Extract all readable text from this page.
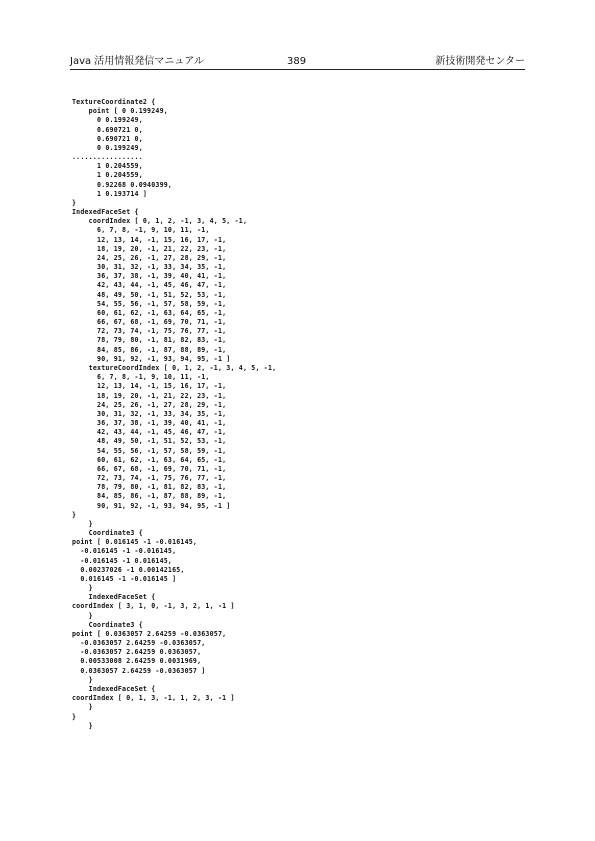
Java 活用情報発信マニュアル	389	新技術開発センター
TextureCoordinate2 {
point [ 0 0.199249,
0 0.199249,
0.690721 0,
0.690721 0,
0 0.199249,
.................
1 0.204559,
1 0.204559,
0.92268 0.0940399,
1 0.193714 ]
}
IndexedFaceSet {
coordIndex [ 0, 1, 2, -1, 3, 4, 5, -1,
6, 7, 8, -1, 9, 10, 11, -1,
12, 13, 14, -1, 15, 16, 17, -1,
18, 19, 20, -1, 21, 22, 23, -1,
24, 25, 26, -1, 27, 28, 29, -1,
30, 31, 32, -1, 33, 34, 35, -1,
36, 37, 38, -1, 39, 40, 41, -1,
42, 43, 44, -1, 45, 46, 47, -1,
48, 49, 50, -1, 51, 52, 53, -1,
54, 55, 56, -1, 57, 58, 59, -1,
60, 61, 62, -1, 63, 64, 65, -1,
66, 67, 68, -1, 69, 70, 71, -1,
72, 73, 74, -1, 75, 76, 77, -1,
78, 79, 80, -1, 81, 82, 83, -1,
84, 85, 86, -1, 87, 88, 89, -1,
90, 91, 92, -1, 93, 94, 95, -1 ]
textureCoordIndex [ 0, 1, 2, -1, 3, 4, 5, -1,
6, 7, 8, -1, 9, 10, 11, -1,
12, 13, 14, -1, 15, 16, 17, -1,
18, 19, 20, -1, 21, 22, 23, -1,
24, 25, 26, -1, 27, 28, 29, -1,
30, 31, 32, -1, 33, 34, 35, -1,
36, 37, 38, -1, 39, 40, 41, -1,
42, 43, 44, -1, 45, 46, 47, -1,
48, 49, 50, -1, 51, 52, 53, -1,
54, 55, 56, -1, 57, 58, 59, -1,
60, 61, 62, -1, 63, 64, 65, -1,
66, 67, 68, -1, 69, 70, 71, -1,
72, 73, 74, -1, 75, 76, 77, -1,
78, 79, 80, -1, 81, 82, 83, -1,
84, 85, 86, -1, 87, 88, 89, -1,
90, 91, 92, -1, 93, 94, 95, -1 ]
}
}
Coordinate3 {
point [ 0.016145 -1 -0.016145,
-0.016145 -1 -0.016145,
-0.016145 -1 0.016145,
0.00237026 -1 0.00142165,
0.016145 -1 -0.016145 ]
}
IndexedFaceSet {
coordIndex [ 3, 1, 0, -1, 3, 2, 1, -1 ]
}
Coordinate3 {
point [ 0.0363057 2.64259 -0.0363057,
-0.0363057 2.64259 -0.0363057,
-0.0363057 2.64259 0.0363057,
0.00533008 2.64259 0.0031969,
0.0363057 2.64259 -0.0363057 ]
}
IndexedFaceSet {
coordIndex [ 0, 1, 3, -1, 1, 2, 3, -1 ]
}
}
}
